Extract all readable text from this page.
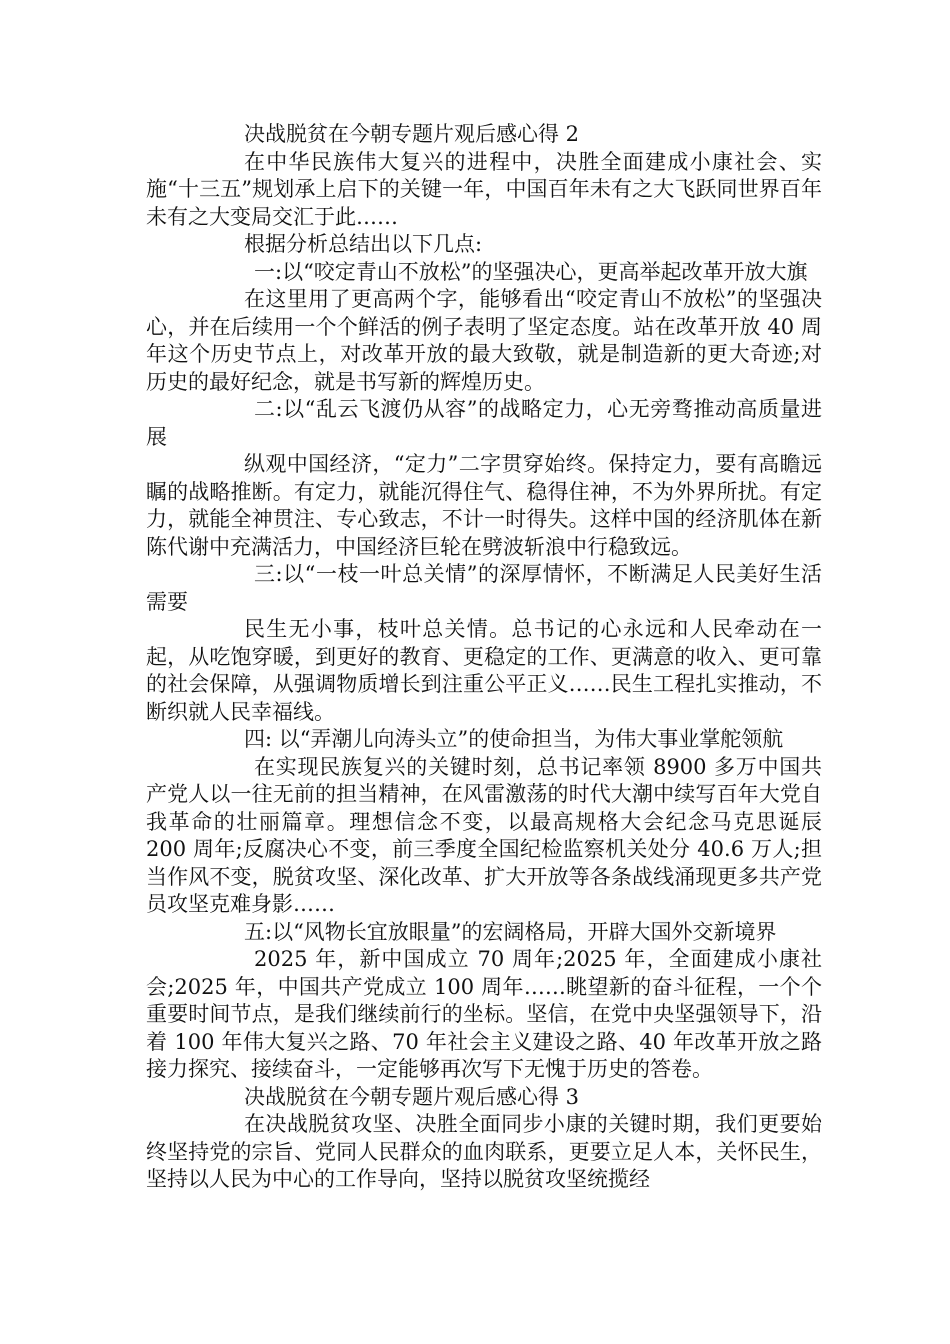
决战脱贫在今朝专题片观后感心得 2

在中华民族伟大复兴的进程中，决胜全面建成小康社会、实施“十三五”规划承上启下的关键一年，中国百年未有之大飞跃同世界百年未有之大变局交汇于此……

根据分析总结出以下几点:

一:以“咬定青山不放松”的坚强决心，更高举起改革开放大旗

在这里用了更高两个字，能够看出“咬定青山不放松”的坚强决心，并在后续用一个个鲜活的例子表明了坚定态度。站在改革开放 40 周年这个历史节点上，对改革开放的最大致敬，就是制造新的更大奇迹;对历史的最好纪念，就是书写新的辉煌历史。

二:以“乱云飞渡仍从容”的战略定力，心无旁骛推动高质量进展

纵观中国经济，“定力”二字贯穿始终。保持定力，要有高瞻远瞩的战略推断。有定力，就能沉得住气、稳得住神，不为外界所扰。有定力，就能全神贯注、专心致志，不计一时得失。这样中国的经济肌体在新陈代谢中充满活力，中国经济巨轮在劈波斩浪中行稳致远。

三:以“一枝一叶总关情”的深厚情怀，不断满足人民美好生活需要

民生无小事，枝叶总关情。总书记的心永远和人民牵动在一起，从吃饱穿暖，到更好的教育、更稳定的工作、更满意的收入、更可靠的社会保障，从强调物质增长到注重公平正义……民生工程扎实推动，不断织就人民幸福线。

四: 以“弄潮儿向涛头立”的使命担当，为伟大事业掌舵领航

在实现民族复兴的关键时刻，总书记率领 8900 多万中国共产党人以一往无前的担当精神，在风雷激荡的时代大潮中续写百年大党自我革命的壮丽篇章。理想信念不变，以最高规格大会纪念马克思诞辰 200 周年;反腐决心不变，前三季度全国纪检监察机关处分 40.6 万人;担当作风不变，脱贫攻坚、深化改革、扩大开放等各条战线涌现更多共产党员攻坚克难身影……

五:以“风物长宜放眼量”的宏阔格局，开辟大国外交新境界

2025 年，新中国成立 70 周年;2025 年，全面建成小康社会;2025 年，中国共产党成立 100 周年……眺望新的奋斗征程，一个个重要时间节点，是我们继续前行的坐标。坚信，在党中央坚强领导下，沿着 100 年伟大复兴之路、70 年社会主义建设之路、40 年改革开放之路接力探究、接续奋斗，一定能够再次写下无愧于历史的答卷。

决战脱贫在今朝专题片观后感心得 3

在决战脱贫攻坚、决胜全面同步小康的关键时期，我们更要始终坚持党的宗旨、党同人民群众的血肉联系，更要立足人本，关怀民生，坚持以人民为中心的工作导向，坚持以脱贫攻坚统揽经
